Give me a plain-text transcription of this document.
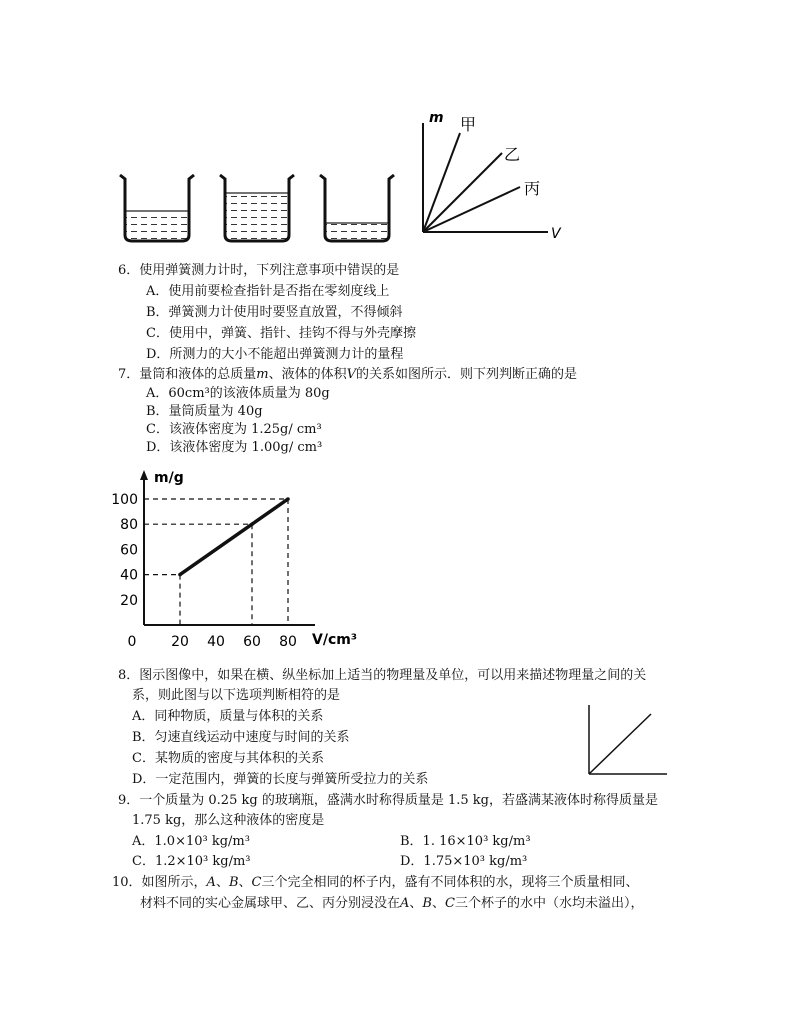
m
V
甲
乙
丙
6．使用弹簧测力计时，下列注意事项中错误的是
A．使用前要检查指针是否指在零刻度线上
B．弹簧测力计使用时要竖直放置，不得倾斜
C．使用中，弹簧、指针、挂钩不得与外壳摩擦
D．所测力的大小不能超出弹簧测力计的量程
7．量筒和液体的总质量m、液体的体积V的关系如图所示．则下列判断正确的是
A．60cm³的该液体质量为 80g
B．量筒质量为 40g
C．该液体密度为 1.25g/ cm³
D．该液体密度为 1.00g/ cm³
m/g
V/cm³
20
40
60
80
100
0 20 40 60 80
8．图示图像中，如果在横、纵坐标加上适当的物理量及单位，可以用来描述物理量之间的关
系，则此图与以下选项判断相符的是
A．同种物质，质量与体积的关系
B．匀速直线运动中速度与时间的关系
C．某物质的密度与其体积的关系
D．一定范围内，弹簧的长度与弹簧所受拉力的关系
9．一个质量为 0.25 kg 的玻璃瓶，盛满水时称得质量是 1.5 kg，若盛满某液体时称得质量是
1.75 kg，那么这种液体的密度是
A．1.0×10³ kg/m³	B．1. 16×10³ kg/m³
C．1.2×10³ kg/m³	D．1.75×10³ kg/m³
10．如图所示，A、B、C三个完全相同的杯子内，盛有不同体积的水，现将三个质量相同、
材料不同的实心金属球甲、乙、丙分别浸没在A、B、C三个杯子的水中（水均未溢出），
